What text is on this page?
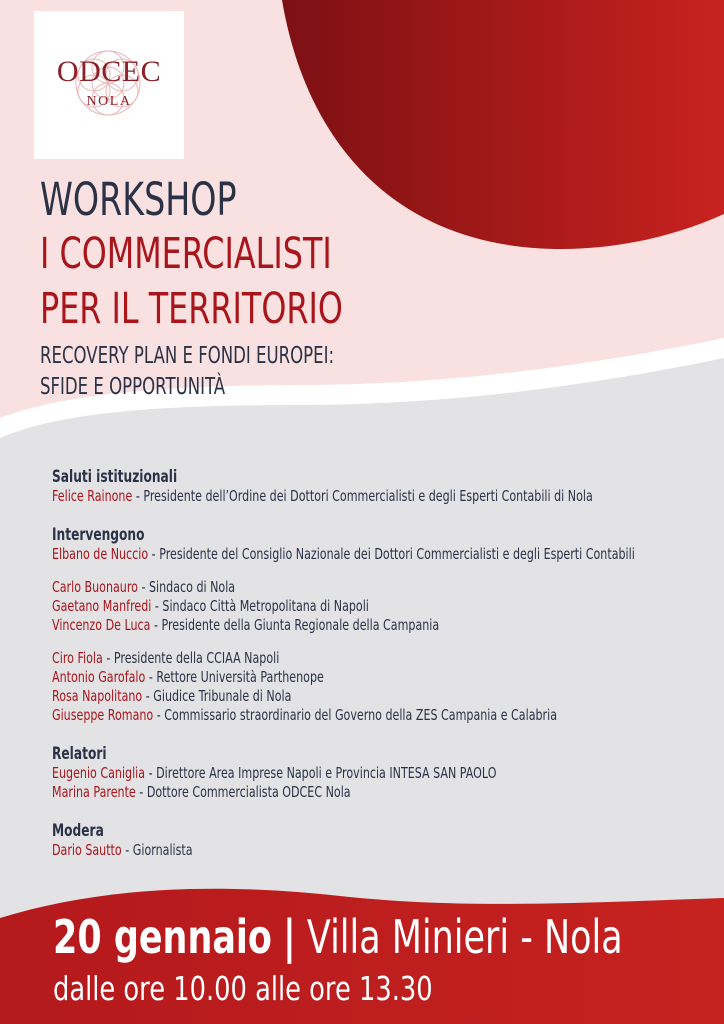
ODCEC
NOLA
WORKSHOP
I COMMERCIALISTI
PER IL TERRITORIO
RECOVERY PLAN E FONDI EUROPEI:
SFIDE E OPPORTUNITÀ
Saluti istituzionali
Felice Rainone - Presidente dell’Ordine dei Dottori Commercialisti e degli Esperti Contabili di Nola
Intervengono
Elbano de Nuccio - Presidente del Consiglio Nazionale dei Dottori Commercialisti e degli Esperti Contabili
Carlo Buonauro - Sindaco di Nola
Gaetano Manfredi - Sindaco Città Metropolitana di Napoli
Vincenzo De Luca - Presidente della Giunta Regionale della Campania
Ciro Fiola - Presidente della CCIAA Napoli
Antonio Garofalo - Rettore Università Parthenope
Rosa Napolitano - Giudice Tribunale di Nola
Giuseppe Romano - Commissario straordinario del Governo della ZES Campania e Calabria
Relatori
Eugenio Caniglia - Direttore Area Imprese Napoli e Provincia INTESA SAN PAOLO
Marina Parente - Dottore Commercialista ODCEC Nola
Modera
Dario Sautto - Giornalista
20 gennaio | Villa Minieri - Nola
dalle ore 10.00 alle ore 13.30
